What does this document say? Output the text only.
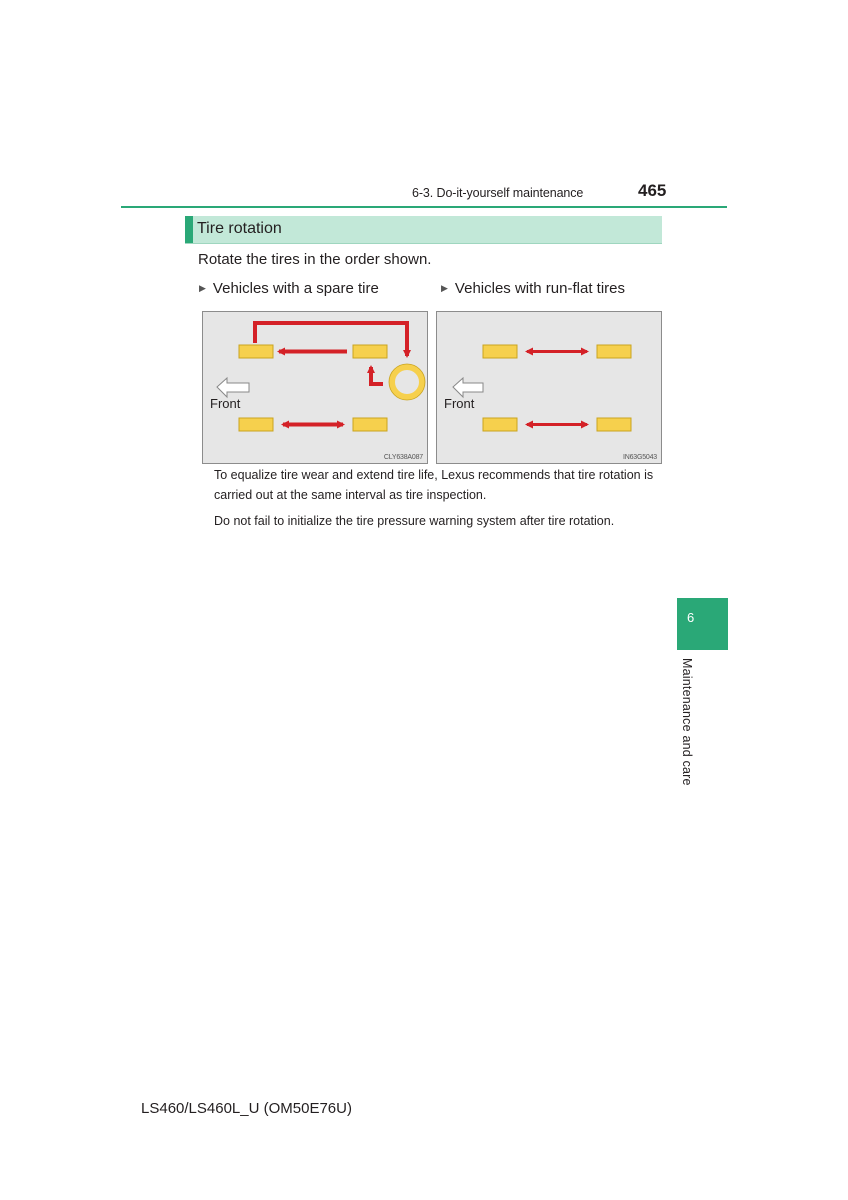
6-3. Do-it-yourself maintenance	465
Tire rotation
Rotate the tires in the order shown.
▶ Vehicles with a spare tire	▶ Vehicles with run-flat tires
Front
CLY638A087
Front
IN63G5043
To equalize tire wear and extend tire life, Lexus recommends that tire rotation is carried out at the same interval as tire inspection.
Do not fail to initialize the tire pressure warning system after tire rotation.
6
Maintenance and care
LS460/LS460L_U (OM50E76U)
